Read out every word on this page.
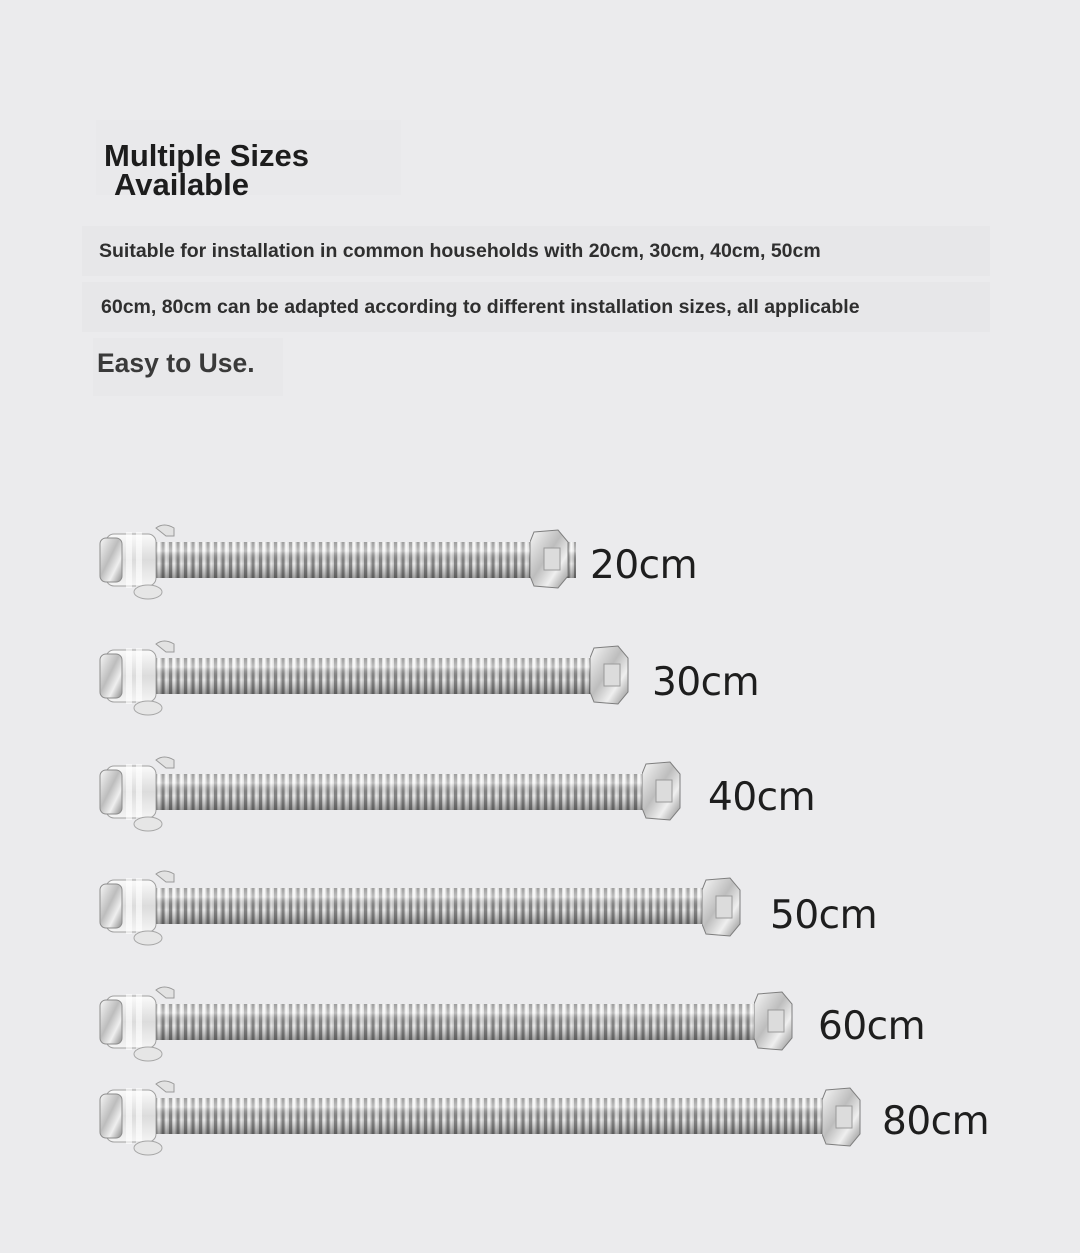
Multiple Sizes
Available
Suitable for installation in common households with 20cm, 30cm, 40cm, 50cm
60cm, 80cm can be adapted according to different installation sizes, all applicable
Easy to Use.
20cm
30cm
40cm
50cm
60cm
80cm
